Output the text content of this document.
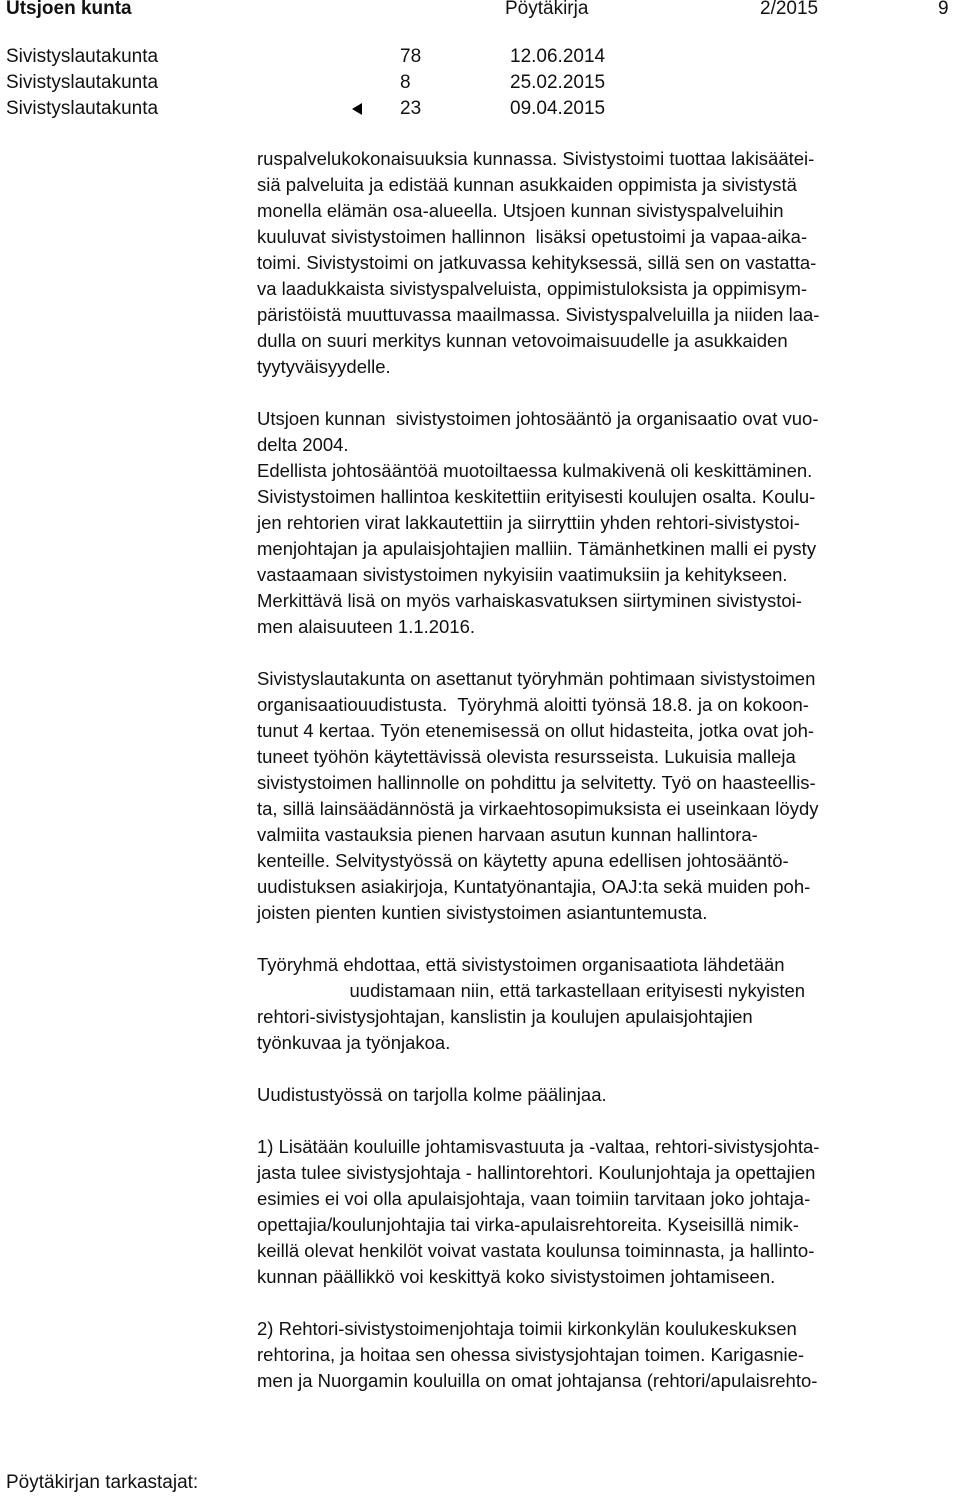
Utsjoen kunta	Pöytäkirja	2/2015	9
Sivistyslautakunta	78	12.06.2014
Sivistyslautakunta	8	25.02.2015
Sivistyslautakunta	23	09.04.2015
ruspalvelukokonaisuuksia kunnassa. Sivistystoimi tuottaa lakisäätei-
siä palveluita ja edistää kunnan asukkaiden oppimista ja sivistystä
monella elämän osa-alueella. Utsjoen kunnan sivistyspalveluihin
kuuluvat sivistystoimen hallinnon  lisäksi opetustoimi ja vapaa-aika-
toimi. Sivistystoimi on jatkuvassa kehityksessä, sillä sen on vastatta-
va laadukkaista sivistyspalveluista, oppimistuloksista ja oppimisym-
päristöistä muuttuvassa maailmassa. Sivistyspalveluilla ja niiden laa-
dulla on suuri merkitys kunnan vetovoimaisuudelle ja asukkaiden
tyytyväisyydelle.
Utsjoen kunnan  sivistystoimen johtosääntö ja organisaatio ovat vuo-
delta 2004.
Edellista johtosääntöä muotoiltaessa kulmakivenä oli keskittäminen.
Sivistystoimen hallintoa keskitettiin erityisesti koulujen osalta. Koulu-
jen rehtorien virat lakkautettiin ja siirryttiin yhden rehtori-sivistystoi-
menjohtajan ja apulaisjohtajien malliin. Tämänhetkinen malli ei pysty
vastaamaan sivistystoimen nykyisiin vaatimuksiin ja kehitykseen.
Merkittävä lisä on myös varhaiskasvatuksen siirtyminen sivistystoi-
men alaisuuteen 1.1.2016.
Sivistyslautakunta on asettanut työryhmän pohtimaan sivistystoimen
organisaatiouudistusta.  Työryhmä aloitti työnsä 18.8. ja on kokoon-
tunut 4 kertaa. Työn etenemisessä on ollut hidasteita, jotka ovat joh-
tuneet työhön käytettävissä olevista resursseista. Lukuisia malleja
sivistystoimen hallinnolle on pohdittu ja selvitetty. Työ on haasteellis-
ta, sillä lainsäädännöstä ja virkaehtosopimuksista ei useinkaan löydy
valmiita vastauksia pienen harvaan asutun kunnan hallintora-
kenteille. Selvitystyössä on käytetty apuna edellisen johtosääntö-
uudistuksen asiakirjoja, Kuntatyönantajia, OAJ:ta sekä muiden poh-
joisten pienten kuntien sivistystoimen asiantuntemusta.
Työryhmä ehdottaa, että sivistystoimen organisaatiota lähdetään
uudistamaan niin, että tarkastellaan erityisesti nykyisten
rehtori-sivistysjohtajan, kanslistin ja koulujen apulaisjohtajien
työnkuvaa ja työnjakoa.
Uudistustyössä on tarjolla kolme päälinjaa.
1) Lisätään kouluille johtamisvastuuta ja -valtaa, rehtori-sivistysjohta-
jasta tulee sivistysjohtaja - hallintorehtori. Koulunjohtaja ja opettajien
esimies ei voi olla apulaisjohtaja, vaan toimiin tarvitaan joko johtaja-
opettajia/koulunjohtajia tai virka-apulaisrehtoreita. Kyseisillä nimik-
keillä olevat henkilöt voivat vastata koulunsa toiminnasta, ja hallinto-
kunnan päällikkö voi keskittyä koko sivistystoimen johtamiseen.
2) Rehtori-sivistystoimenjohtaja toimii kirkonkylän koulukeskuksen
rehtorina, ja hoitaa sen ohessa sivistysjohtajan toimen. Karigasnie-
men ja Nuorgamin kouluilla on omat johtajansa (rehtori/apulaisrehto-
Pöytäkirjan tarkastajat:
